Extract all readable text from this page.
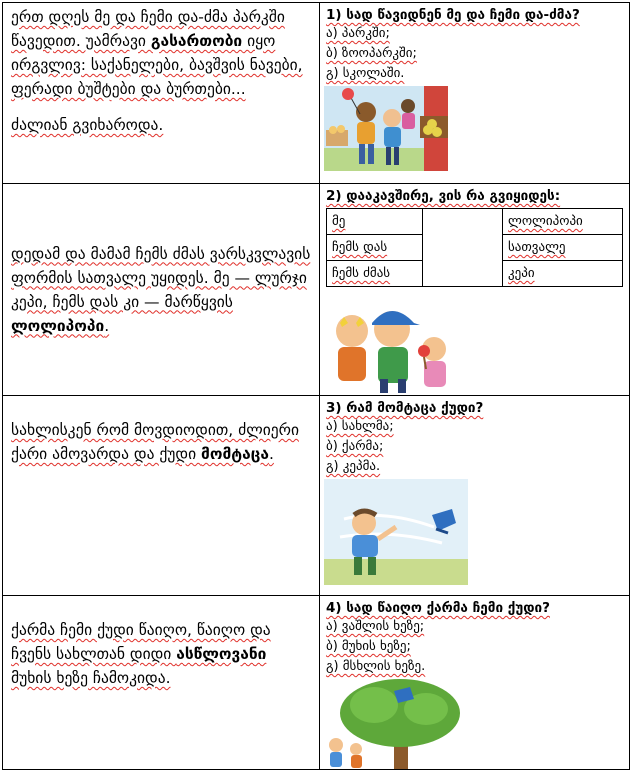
ერთ დღეს მე და ჩემი და-ძმა პარკში წავედით. უამრავი გასართობი იყო ირგვლივ: საქანელები, ბავშვის ნავები, ფერადი ბუშტები და ბურთები...

ძალიან გვიხაროდა.

1) სად წავიდნენ მე და ჩემი და-ძმა?
ა) პარკში;
ბ) ზოოპარკში;
გ) სკოლაში.

დედამ და მამამ ჩემს ძმას ვარსკვლავის ფორმის სათვალე უყიდეს. მე — ლურჯი კეპი, ჩემს დას კი — მარწყვის ლოლიპოპი.

2) დააკავშირე, ვის რა გვიყიდეს:
მე		ლოლიპოპი
ჩემს დას	სათვალე
ჩემს ძმას	კეპი

სახლისკენ რომ მოვდიოდით, ძლიერი ქარი ამოვარდა და ქუდი მომტაცა.

3) რამ მომტაცა ქუდი?
ა) სახლმა;
ბ) ქარმა;
გ) კეპმა.

ქარმა ჩემი ქუდი წაიღო, წაიღო და ჩვენს სახლთან დიდი ასწლოვანი მუხის ხეზე ჩამოკიდა.

4) სად წაიღო ქარმა ჩემი ქუდი?
ა) ვაშლის ხეზე;
ბ) მუხის ხეზე;
გ) მსხლის ხეზე.
